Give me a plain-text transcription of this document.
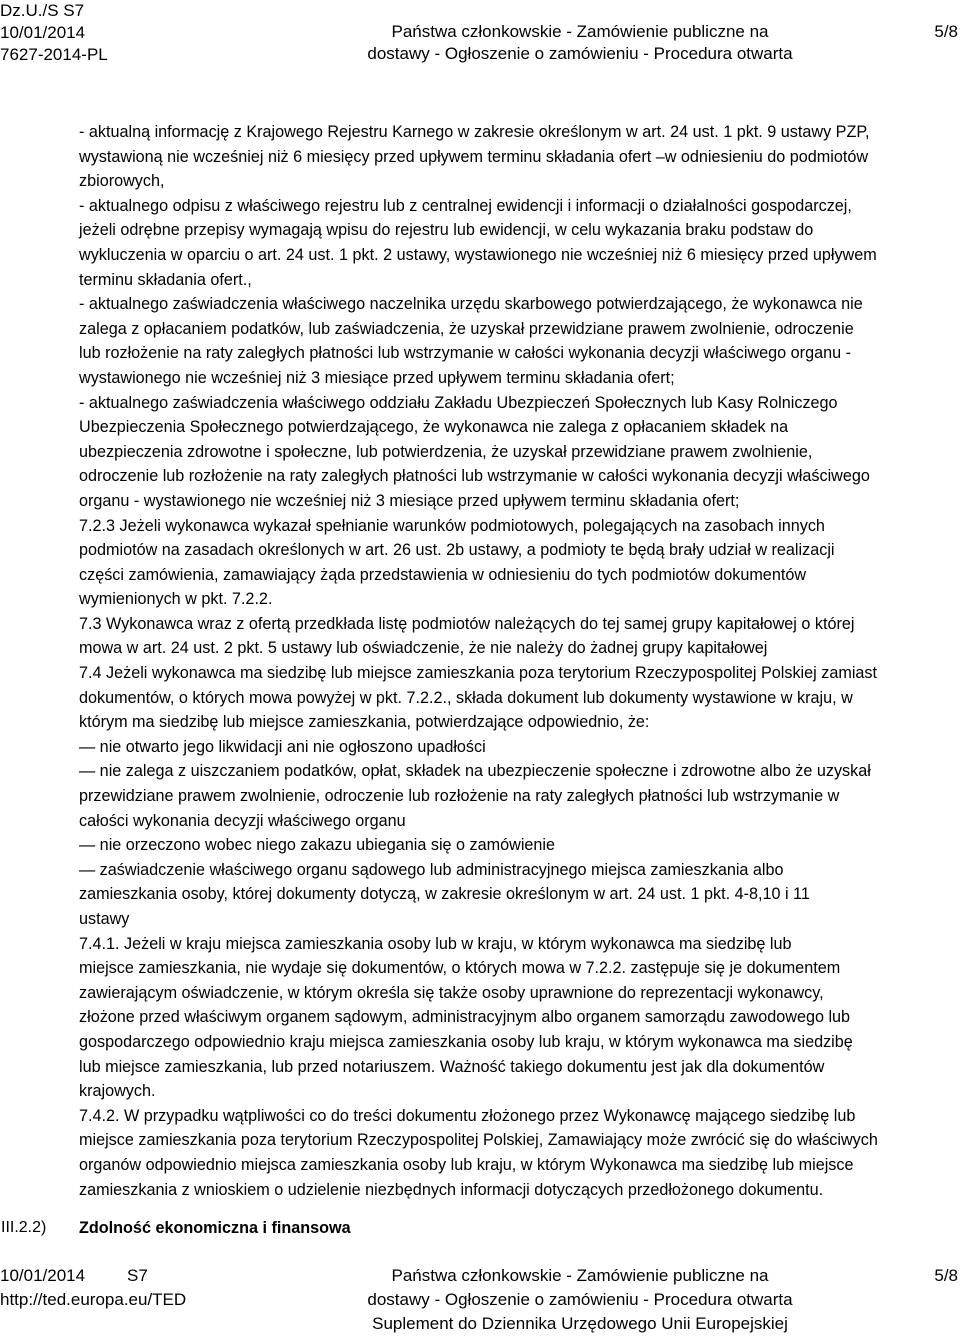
Dz.U./S S7
10/01/2014
7627-2014-PL
Państwa członkowskie - Zamówienie publiczne na
dostawy - Ogłoszenie o zamówieniu - Procedura otwarta
5/8
- aktualną informację z Krajowego Rejestru Karnego w zakresie określonym w art. 24 ust. 1 pkt. 9 ustawy PZP,
wystawioną nie wcześniej niż 6 miesięcy przed upływem terminu składania ofert –w odniesieniu do podmiotów
zbiorowych,
- aktualnego odpisu z właściwego rejestru lub z centralnej ewidencji i informacji o działalności gospodarczej,
jeżeli odrębne przepisy wymagają wpisu do rejestru lub ewidencji, w celu wykazania braku podstaw do
wykluczenia w oparciu o art. 24 ust. 1 pkt. 2 ustawy, wystawionego nie wcześniej niż 6 miesięcy przed upływem
terminu składania ofert.,
- aktualnego zaświadczenia właściwego naczelnika urzędu skarbowego potwierdzającego, że wykonawca nie
zalega z opłacaniem podatków, lub zaświadczenia, że uzyskał przewidziane prawem zwolnienie, odroczenie
lub rozłożenie na raty zaległych płatności lub wstrzymanie w całości wykonania decyzji właściwego organu -
wystawionego nie wcześniej niż 3 miesiące przed upływem terminu składania ofert;
- aktualnego zaświadczenia właściwego oddziału Zakładu Ubezpieczeń Społecznych lub Kasy Rolniczego
Ubezpieczenia Społecznego potwierdzającego, że wykonawca nie zalega z opłacaniem składek na
ubezpieczenia zdrowotne i społeczne, lub potwierdzenia, że uzyskał przewidziane prawem zwolnienie,
odroczenie lub rozłożenie na raty zaległych płatności lub wstrzymanie w całości wykonania decyzji właściwego
organu - wystawionego nie wcześniej niż 3 miesiące przed upływem terminu składania ofert;
7.2.3 Jeżeli wykonawca wykazał spełnianie warunków podmiotowych, polegających na zasobach innych
podmiotów na zasadach określonych w art. 26 ust. 2b ustawy, a podmioty te będą brały udział w realizacji
części zamówienia, zamawiający żąda przedstawienia w odniesieniu do tych podmiotów dokumentów
wymienionych w pkt. 7.2.2.
7.3 Wykonawca wraz z ofertą przedkłada listę podmiotów należących do tej samej grupy kapitałowej o której
mowa w art. 24 ust. 2 pkt. 5 ustawy lub oświadczenie, że nie należy do żadnej grupy kapitałowej
7.4 Jeżeli wykonawca ma siedzibę lub miejsce zamieszkania poza terytorium Rzeczypospolitej Polskiej zamiast
dokumentów, o których mowa powyżej w pkt. 7.2.2., składa dokument lub dokumenty wystawione w kraju, w
którym ma siedzibę lub miejsce zamieszkania, potwierdzające odpowiednio, że:
— nie otwarto jego likwidacji ani nie ogłoszono upadłości
— nie zalega z uiszczaniem podatków, opłat, składek na ubezpieczenie społeczne i zdrowotne albo że uzyskał
przewidziane prawem zwolnienie, odroczenie lub rozłożenie na raty zaległych płatności lub wstrzymanie w
całości wykonania decyzji właściwego organu
— nie orzeczono wobec niego zakazu ubiegania się o zamówienie
— zaświadczenie właściwego organu sądowego lub administracyjnego miejsca zamieszkania albo
zamieszkania osoby, której dokumenty dotyczą, w zakresie określonym w art. 24 ust. 1 pkt. 4-8,10 i 11
ustawy
7.4.1. Jeżeli w kraju miejsca zamieszkania osoby lub w kraju, w którym wykonawca ma siedzibę lub
miejsce zamieszkania, nie wydaje się dokumentów, o których mowa w 7.2.2. zastępuje się je dokumentem
zawierającym oświadczenie, w którym określa się także osoby uprawnione do reprezentacji wykonawcy,
złożone przed właściwym organem sądowym, administracyjnym albo organem samorządu zawodowego lub
gospodarczego odpowiednio kraju miejsca zamieszkania osoby lub kraju, w którym wykonawca ma siedzibę
lub miejsce zamieszkania, lub przed notariuszem. Ważność takiego dokumentu jest jak dla dokumentów
krajowych.
7.4.2. W przypadku wątpliwości co do treści dokumentu złożonego przez Wykonawcę mającego siedzibę lub
miejsce zamieszkania poza terytorium Rzeczypospolitej Polskiej, Zamawiający może zwrócić się do właściwych
organów odpowiednio miejsca zamieszkania osoby lub kraju, w którym Wykonawca ma siedzibę lub miejsce
zamieszkania z wnioskiem o udzielenie niezbędnych informacji dotyczących przedłożonego dokumentu.
III.2.2) Zdolność ekonomiczna i finansowa
10/01/2014
http://ted.europa.eu/TED
S7	Państwa członkowskie - Zamówienie publiczne na
dostawy - Ogłoszenie o zamówieniu - Procedura otwarta
Suplement do Dziennika Urzędowego Unii Europejskiej
5/8
